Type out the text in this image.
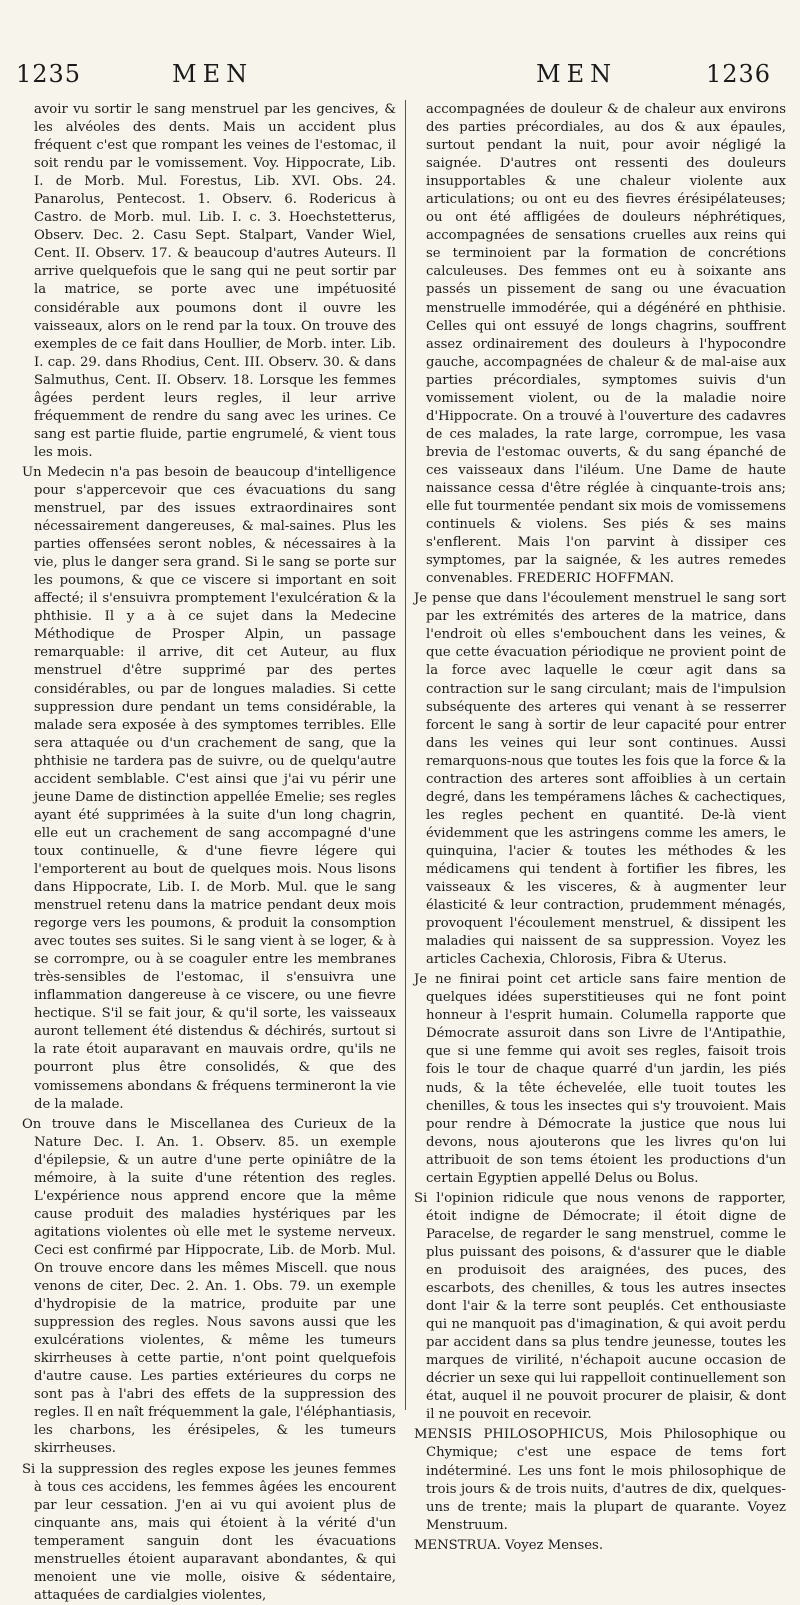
1235	MEN	MEN	1236

avoir vu sortir le sang menstruel par les gencives, & les alvéoles des dents. Mais un accident plus fréquent c'est que rompant les veines de l'estomac, il soit rendu par le vomissement. Voy. Hippocrate, Lib. I. de Morb. Mul. Forestus, Lib. XVI. Obs. 24. Panarolus, Pentecost. 1. Observ. 6. Rodericus à Castro. de Morb. mul. Lib. I. c. 3. Hoechstetterus, Observ. Dec. 2. Casu Sept. Stalpart, Vander Wiel, Cent. II. Observ. 17. & beaucoup d'autres Auteurs. Il arrive quelquefois que le sang qui ne peut sortir par la matrice, se porte avec une impétuosité considérable aux poumons dont il ouvre les vaisseaux, alors on le rend par la toux. On trouve des exemples de ce fait dans Houllier, de Morb. inter. Lib. I. cap. 29. dans Rhodius, Cent. III. Observ. 30. & dans Salmuthus, Cent. II. Observ. 18. Lorsque les femmes âgées perdent leurs regles, il leur arrive fréquemment de rendre du sang avec les urines. Ce sang est partie fluide, partie engrumelé, & vient tous les mois.

Un Medecin n'a pas besoin de beaucoup d'intelligence pour s'appercevoir que ces évacuations du sang menstruel, par des issues extraordinaires sont nécessairement dangereuses, & mal-saines. Plus les parties offensées seront nobles, & nécessaires à la vie, plus le danger sera grand. Si le sang se porte sur les poumons, & que ce viscere si important en soit affecté; il s'ensuivra promptement l'exulcération & la phthisie. Il y a à ce sujet dans la Medecine Méthodique de Prosper Alpin, un passage remarquable: il arrive, dit cet Auteur, au flux menstruel d'être supprimé par des pertes considérables, ou par de longues maladies. Si cette suppression dure pendant un tems considérable, la malade sera exposée à des symptomes terribles. Elle sera attaquée ou d'un crachement de sang, que la phthisie ne tardera pas de suivre, ou de quelqu'autre accident semblable. C'est ainsi que j'ai vu périr une jeune Dame de distinction appellée Emelie; ses regles ayant été supprimées à la suite d'un long chagrin, elle eut un crachement de sang accompagné d'une toux continuelle, & d'une fievre légere qui l'emporterent au bout de quelques mois. Nous lisons dans Hippocrate, Lib. I. de Morb. Mul. que le sang menstruel retenu dans la matrice pendant deux mois regorge vers les poumons, & produit la consomption avec toutes ses suites. Si le sang vient à se loger, & à se corrompre, ou à se coaguler entre les membranes très-sensibles de l'estomac, il s'ensuivra une inflammation dangereuse à ce viscere, ou une fievre hectique. S'il se fait jour, & qu'il sorte, les vaisseaux auront tellement été distendus & déchirés, surtout si la rate étoit auparavant en mauvais ordre, qu'ils ne pourront plus être consolidés, & que des vomissemens abondans & fréquens termineront la vie de la malade.

On trouve dans le Miscellanea des Curieux de la Nature Dec. I. An. 1. Observ. 85. un exemple d'épilepsie, & un autre d'une perte opiniâtre de la mémoire, à la suite d'une rétention des regles. L'expérience nous apprend encore que la même cause produit des maladies hystériques par les agitations violentes où elle met le systeme nerveux. Ceci est confirmé par Hippocrate, Lib. de Morb. Mul. On trouve encore dans les mêmes Miscell. que nous venons de citer, Dec. 2. An. 1. Obs. 79. un exemple d'hydropisie de la matrice, produite par une suppression des regles. Nous savons aussi que les exulcérations violentes, & même les tumeurs skirrheuses à cette partie, n'ont point quelquefois d'autre cause. Les parties extérieures du corps ne sont pas à l'abri des effets de la suppression des regles. Il en naît fréquemment la gale, l'éléphantiasis, les charbons, les érésipeles, & les tumeurs skirrheuses.

Si la suppression des regles expose les jeunes femmes à tous ces accidens, les femmes âgées les encourent par leur cessation. J'en ai vu qui avoient plus de cinquante ans, mais qui étoient à la vérité d'un temperament sanguin dont les évacuations menstruelles étoient auparavant abondantes, & qui menoient une vie molle, oisive & sédentaire, attaquées de cardialgies violentes,

accompagnées de douleur & de chaleur aux environs des parties précordiales, au dos & aux épaules, surtout pendant la nuit, pour avoir négligé la saignée. D'autres ont ressenti des douleurs insupportables & une chaleur violente aux articulations; ou ont eu des fievres érésipélateuses; ou ont été affligées de douleurs néphrétiques, accompagnées de sensations cruelles aux reins qui se terminoient par la formation de concrétions calculeuses. Des femmes ont eu à soixante ans passés un pissement de sang ou une évacuation menstruelle immodérée, qui a dégénéré en phthisie. Celles qui ont essuyé de longs chagrins, souffrent assez ordinairement des douleurs à l'hypocondre gauche, accompagnées de chaleur & de mal-aise aux parties précordiales, symptomes suivis d'un vomissement violent, ou de la maladie noire d'Hippocrate. On a trouvé à l'ouverture des cadavres de ces malades, la rate large, corrompue, les vasa brevia de l'estomac ouverts, & du sang épanché de ces vaisseaux dans l'iléum. Une Dame de haute naissance cessa d'être réglée à cinquante-trois ans; elle fut tourmentée pendant six mois de vomissemens continuels & violens. Ses piés & ses mains s'enflerent. Mais l'on parvint à dissiper ces symptomes, par la saignée, & les autres remedes convenables. FREDERIC HOFFMAN.

Je pense que dans l'écoulement menstruel le sang sort par les extrémités des arteres de la matrice, dans l'endroit où elles s'embouchent dans les veines, & que cette évacuation périodique ne provient point de la force avec laquelle le cœur agit dans sa contraction sur le sang circulant; mais de l'impulsion subséquente des arteres qui venant à se resserrer forcent le sang à sortir de leur capacité pour entrer dans les veines qui leur sont continues. Aussi remarquons-nous que toutes les fois que la force & la contraction des arteres sont affoiblies à un certain degré, dans les tempéramens lâches & cachectiques, les regles pechent en quantité. De-là vient évidemment que les astringens comme les amers, le quinquina, l'acier & toutes les méthodes & les médicamens qui tendent à fortifier les fibres, les vaisseaux & les visceres, & à augmenter leur élasticité & leur contraction, prudemment ménagés, provoquent l'écoulement menstruel, & dissipent les maladies qui naissent de sa suppression. Voyez les articles Cachexia, Chlorosis, Fibra & Uterus.

Je ne finirai point cet article sans faire mention de quelques idées superstitieuses qui ne font point honneur à l'esprit humain. Columella rapporte que Démocrate assuroit dans son Livre de l'Antipathie, que si une femme qui avoit ses regles, faisoit trois fois le tour de chaque quarré d'un jardin, les piés nuds, & la tête échevelée, elle tuoit toutes les chenilles, & tous les insectes qui s'y trouvoient. Mais pour rendre à Démocrate la justice que nous lui devons, nous ajouterons que les livres qu'on lui attribuoit de son tems étoient les productions d'un certain Egyptien appellé Delus ou Bolus.

Si l'opinion ridicule que nous venons de rapporter, étoit indigne de Démocrate; il étoit digne de Paracelse, de regarder le sang menstruel, comme le plus puissant des poisons, & d'assurer que le diable en produisoit des araignées, des puces, des escarbots, des chenilles, & tous les autres insectes dont l'air & la terre sont peuplés. Cet enthousiaste qui ne manquoit pas d'imagination, & qui avoit perdu par accident dans sa plus tendre jeunesse, toutes les marques de virilité, n'échapoit aucune occasion de décrier un sexe qui lui rappelloit continuellement son état, auquel il ne pouvoit procurer de plaisir, & dont il ne pouvoit en recevoir.

MENSIS PHILOSOPHICUS, Mois Philosophique ou Chymique; c'est une espace de tems fort indéterminé. Les uns font le mois philosophique de trois jours & de trois nuits, d'autres de dix, quelques-uns de trente; mais la plupart de quarante. Voyez Menstruum.

MENSTRUA. Voyez Menses.
